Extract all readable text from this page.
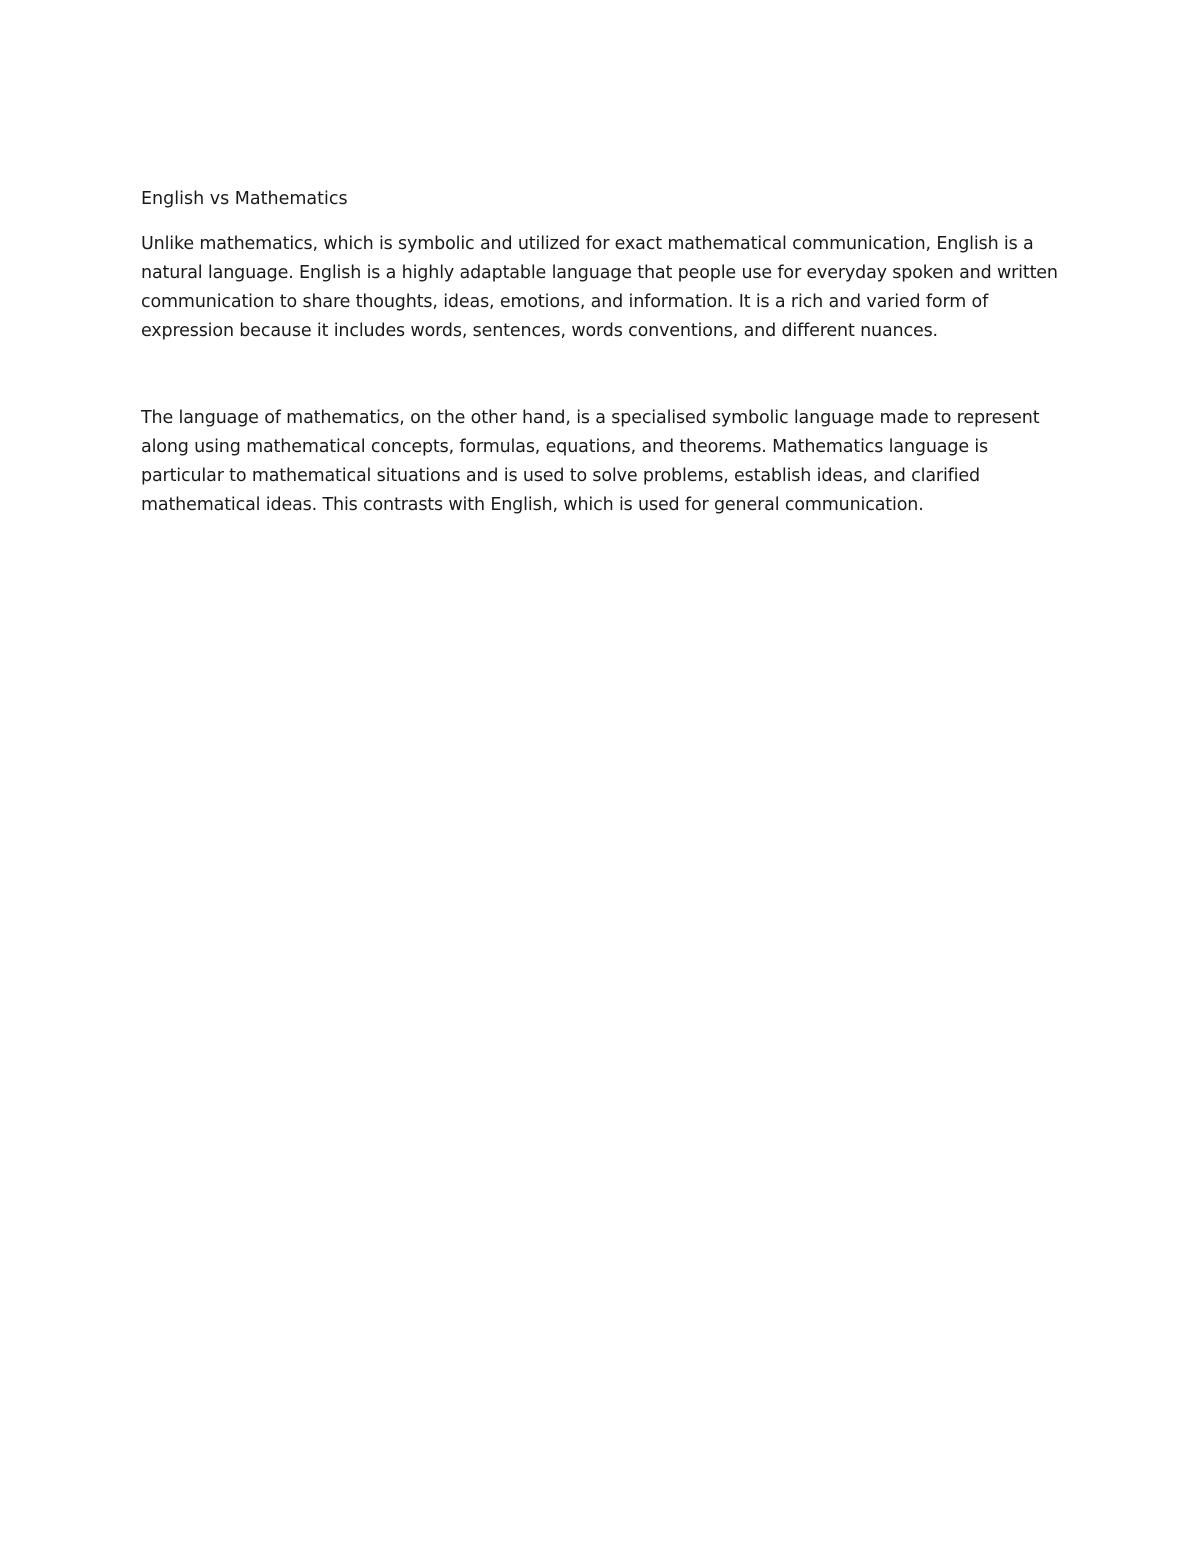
English vs Mathematics

Unlike mathematics, which is symbolic and utilized for exact mathematical communication, English is a natural language. English is a highly adaptable language that people use for everyday spoken and written communication to share thoughts, ideas, emotions, and information. It is a rich and varied form of expression because it includes words, sentences, words conventions, and different nuances.

The language of mathematics, on the other hand, is a specialised symbolic language made to represent along using mathematical concepts, formulas, equations, and theorems. Mathematics language is particular to mathematical situations and is used to solve problems, establish ideas, and clarified mathematical ideas. This contrasts with English, which is used for general communication.
